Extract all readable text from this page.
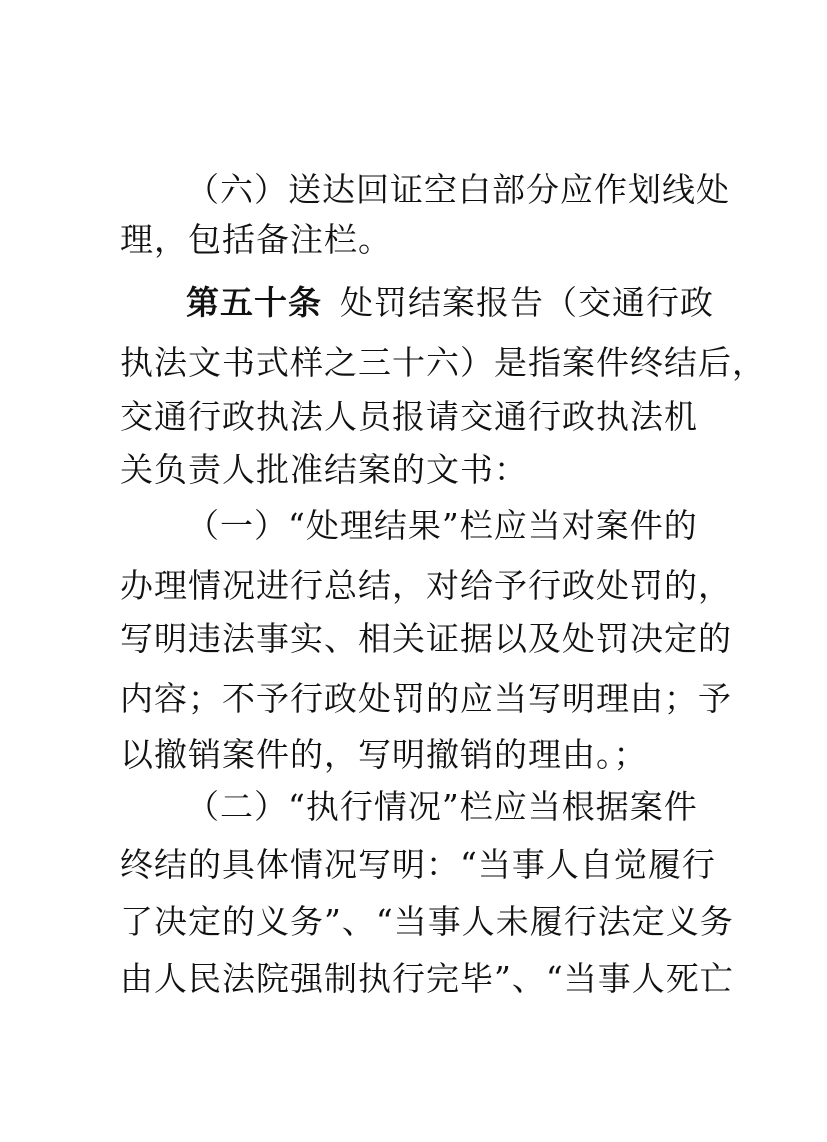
（六）送达回证空白部分应作划线处
理，包括备注栏。
第五十条 处罚结案报告（交通行政
执法文书式样之三十六）是指案件终结后，
交通行政执法人员报请交通行政执法机
关负责人批准结案的文书：
（一）“处理结果”栏应当对案件的
办理情况进行总结，对给予行政处罚的，
写明违法事实、相关证据以及处罚决定的
内容；不予行政处罚的应当写明理由；予
以撤销案件的，写明撤销的理由。；
（二）“执行情况”栏应当根据案件
终结的具体情况写明：“当事人自觉履行
了决定的义务”、“当事人未履行法定义务
由人民法院强制执行完毕”、“当事人死亡
